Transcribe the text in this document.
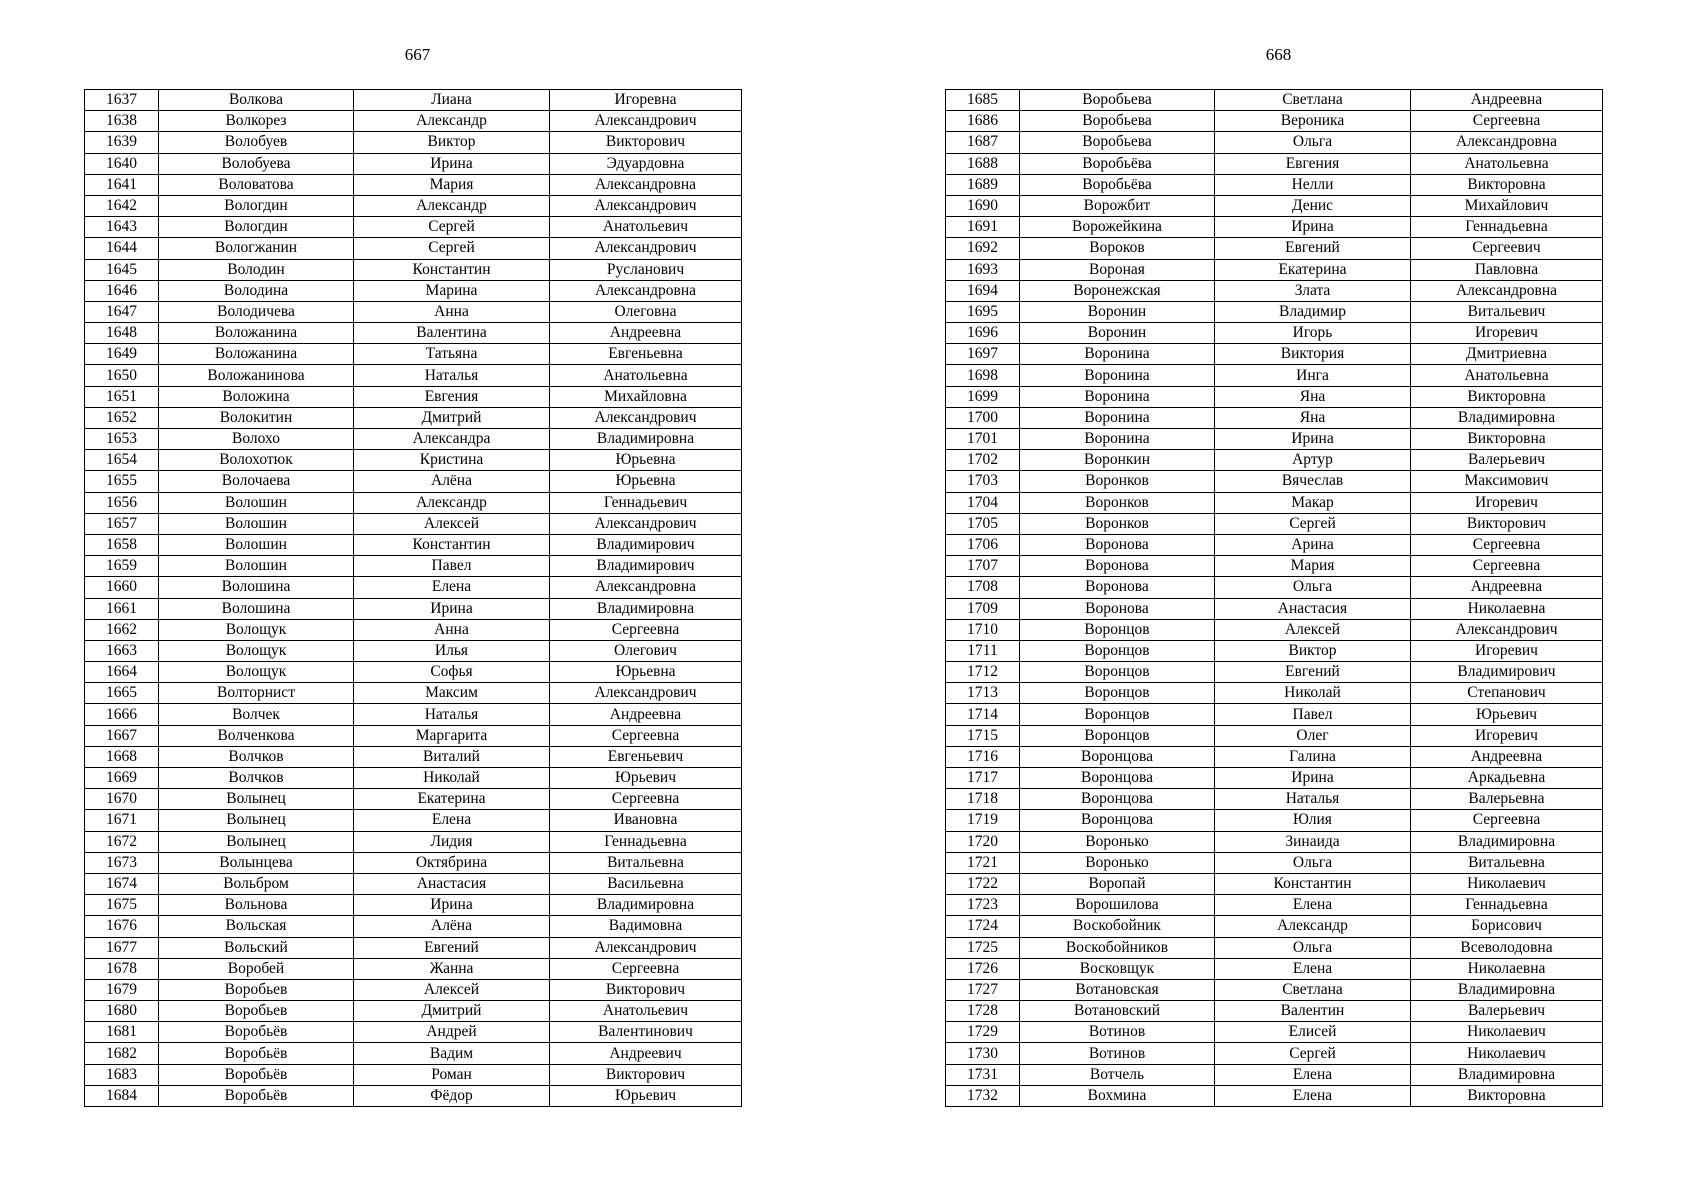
667
1637	Волкова	Лиана	Игоревна
1638	Волкорез	Александр	Александрович
1639	Волобуев	Виктор	Викторович
1640	Волобуева	Ирина	Эдуардовна
1641	Воловатова	Мария	Александровна
1642	Вологдин	Александр	Александрович
1643	Вологдин	Сергей	Анатольевич
1644	Вологжанин	Сергей	Александрович
1645	Володин	Константин	Русланович
1646	Володина	Марина	Александровна
1647	Володичева	Анна	Олеговна
1648	Воложанина	Валентина	Андреевна
1649	Воложанина	Татьяна	Евгеньевна
1650	Воложанинова	Наталья	Анатольевна
1651	Воложина	Евгения	Михайловна
1652	Волокитин	Дмитрий	Александрович
1653	Волохо	Александра	Владимировна
1654	Волохотюк	Кристина	Юрьевна
1655	Волочаева	Алёна	Юрьевна
1656	Волошин	Александр	Геннадьевич
1657	Волошин	Алексей	Александрович
1658	Волошин	Константин	Владимирович
1659	Волошин	Павел	Владимирович
1660	Волошина	Елена	Александровна
1661	Волошина	Ирина	Владимировна
1662	Волощук	Анна	Сергеевна
1663	Волощук	Илья	Олегович
1664	Волощук	Софья	Юрьевна
1665	Волторнист	Максим	Александрович
1666	Волчек	Наталья	Андреевна
1667	Волченкова	Маргарита	Сергеевна
1668	Волчков	Виталий	Евгеньевич
1669	Волчков	Николай	Юрьевич
1670	Волынец	Екатерина	Сергеевна
1671	Волынец	Елена	Ивановна
1672	Волынец	Лидия	Геннадьевна
1673	Волынцева	Октябрина	Витальевна
1674	Вольбром	Анастасия	Васильевна
1675	Вольнова	Ирина	Владимировна
1676	Вольская	Алёна	Вадимовна
1677	Вольский	Евгений	Александрович
1678	Воробей	Жанна	Сергеевна
1679	Воробьев	Алексей	Викторович
1680	Воробьев	Дмитрий	Анатольевич
1681	Воробьёв	Андрей	Валентинович
1682	Воробьёв	Вадим	Андреевич
1683	Воробьёв	Роман	Викторович
1684	Воробьёв	Фёдор	Юрьевич
668
1685	Воробьева	Светлана	Андреевна
1686	Воробьева	Вероника	Сергеевна
1687	Воробьева	Ольга	Александровна
1688	Воробьёва	Евгения	Анатольевна
1689	Воробьёва	Нелли	Викторовна
1690	Ворожбит	Денис	Михайлович
1691	Ворожейкина	Ирина	Геннадьевна
1692	Вороков	Евгений	Сергеевич
1693	Вороная	Екатерина	Павловна
1694	Воронежская	Злата	Александровна
1695	Воронин	Владимир	Витальевич
1696	Воронин	Игорь	Игоревич
1697	Воронина	Виктория	Дмитриевна
1698	Воронина	Инга	Анатольевна
1699	Воронина	Яна	Викторовна
1700	Воронина	Яна	Владимировна
1701	Воронина	Ирина	Викторовна
1702	Воронкин	Артур	Валерьевич
1703	Воронков	Вячеслав	Максимович
1704	Воронков	Макар	Игоревич
1705	Воронков	Сергей	Викторович
1706	Воронова	Арина	Сергеевна
1707	Воронова	Мария	Сергеевна
1708	Воронова	Ольга	Андреевна
1709	Воронова	Анастасия	Николаевна
1710	Воронцов	Алексей	Александрович
1711	Воронцов	Виктор	Игоревич
1712	Воронцов	Евгений	Владимирович
1713	Воронцов	Николай	Степанович
1714	Воронцов	Павел	Юрьевич
1715	Воронцов	Олег	Игоревич
1716	Воронцова	Галина	Андреевна
1717	Воронцова	Ирина	Аркадьевна
1718	Воронцова	Наталья	Валерьевна
1719	Воронцова	Юлия	Сергеевна
1720	Воронько	Зинаида	Владимировна
1721	Воронько	Ольга	Витальевна
1722	Воропай	Константин	Николаевич
1723	Ворошилова	Елена	Геннадьевна
1724	Воскобойник	Александр	Борисович
1725	Воскобойников	Ольга	Всеволодовна
1726	Восковщук	Елена	Николаевна
1727	Вотановская	Светлана	Владимировна
1728	Вотановский	Валентин	Валерьевич
1729	Вотинов	Елисей	Николаевич
1730	Вотинов	Сергей	Николаевич
1731	Вотчель	Елена	Владимировна
1732	Вохмина	Елена	Викторовна
